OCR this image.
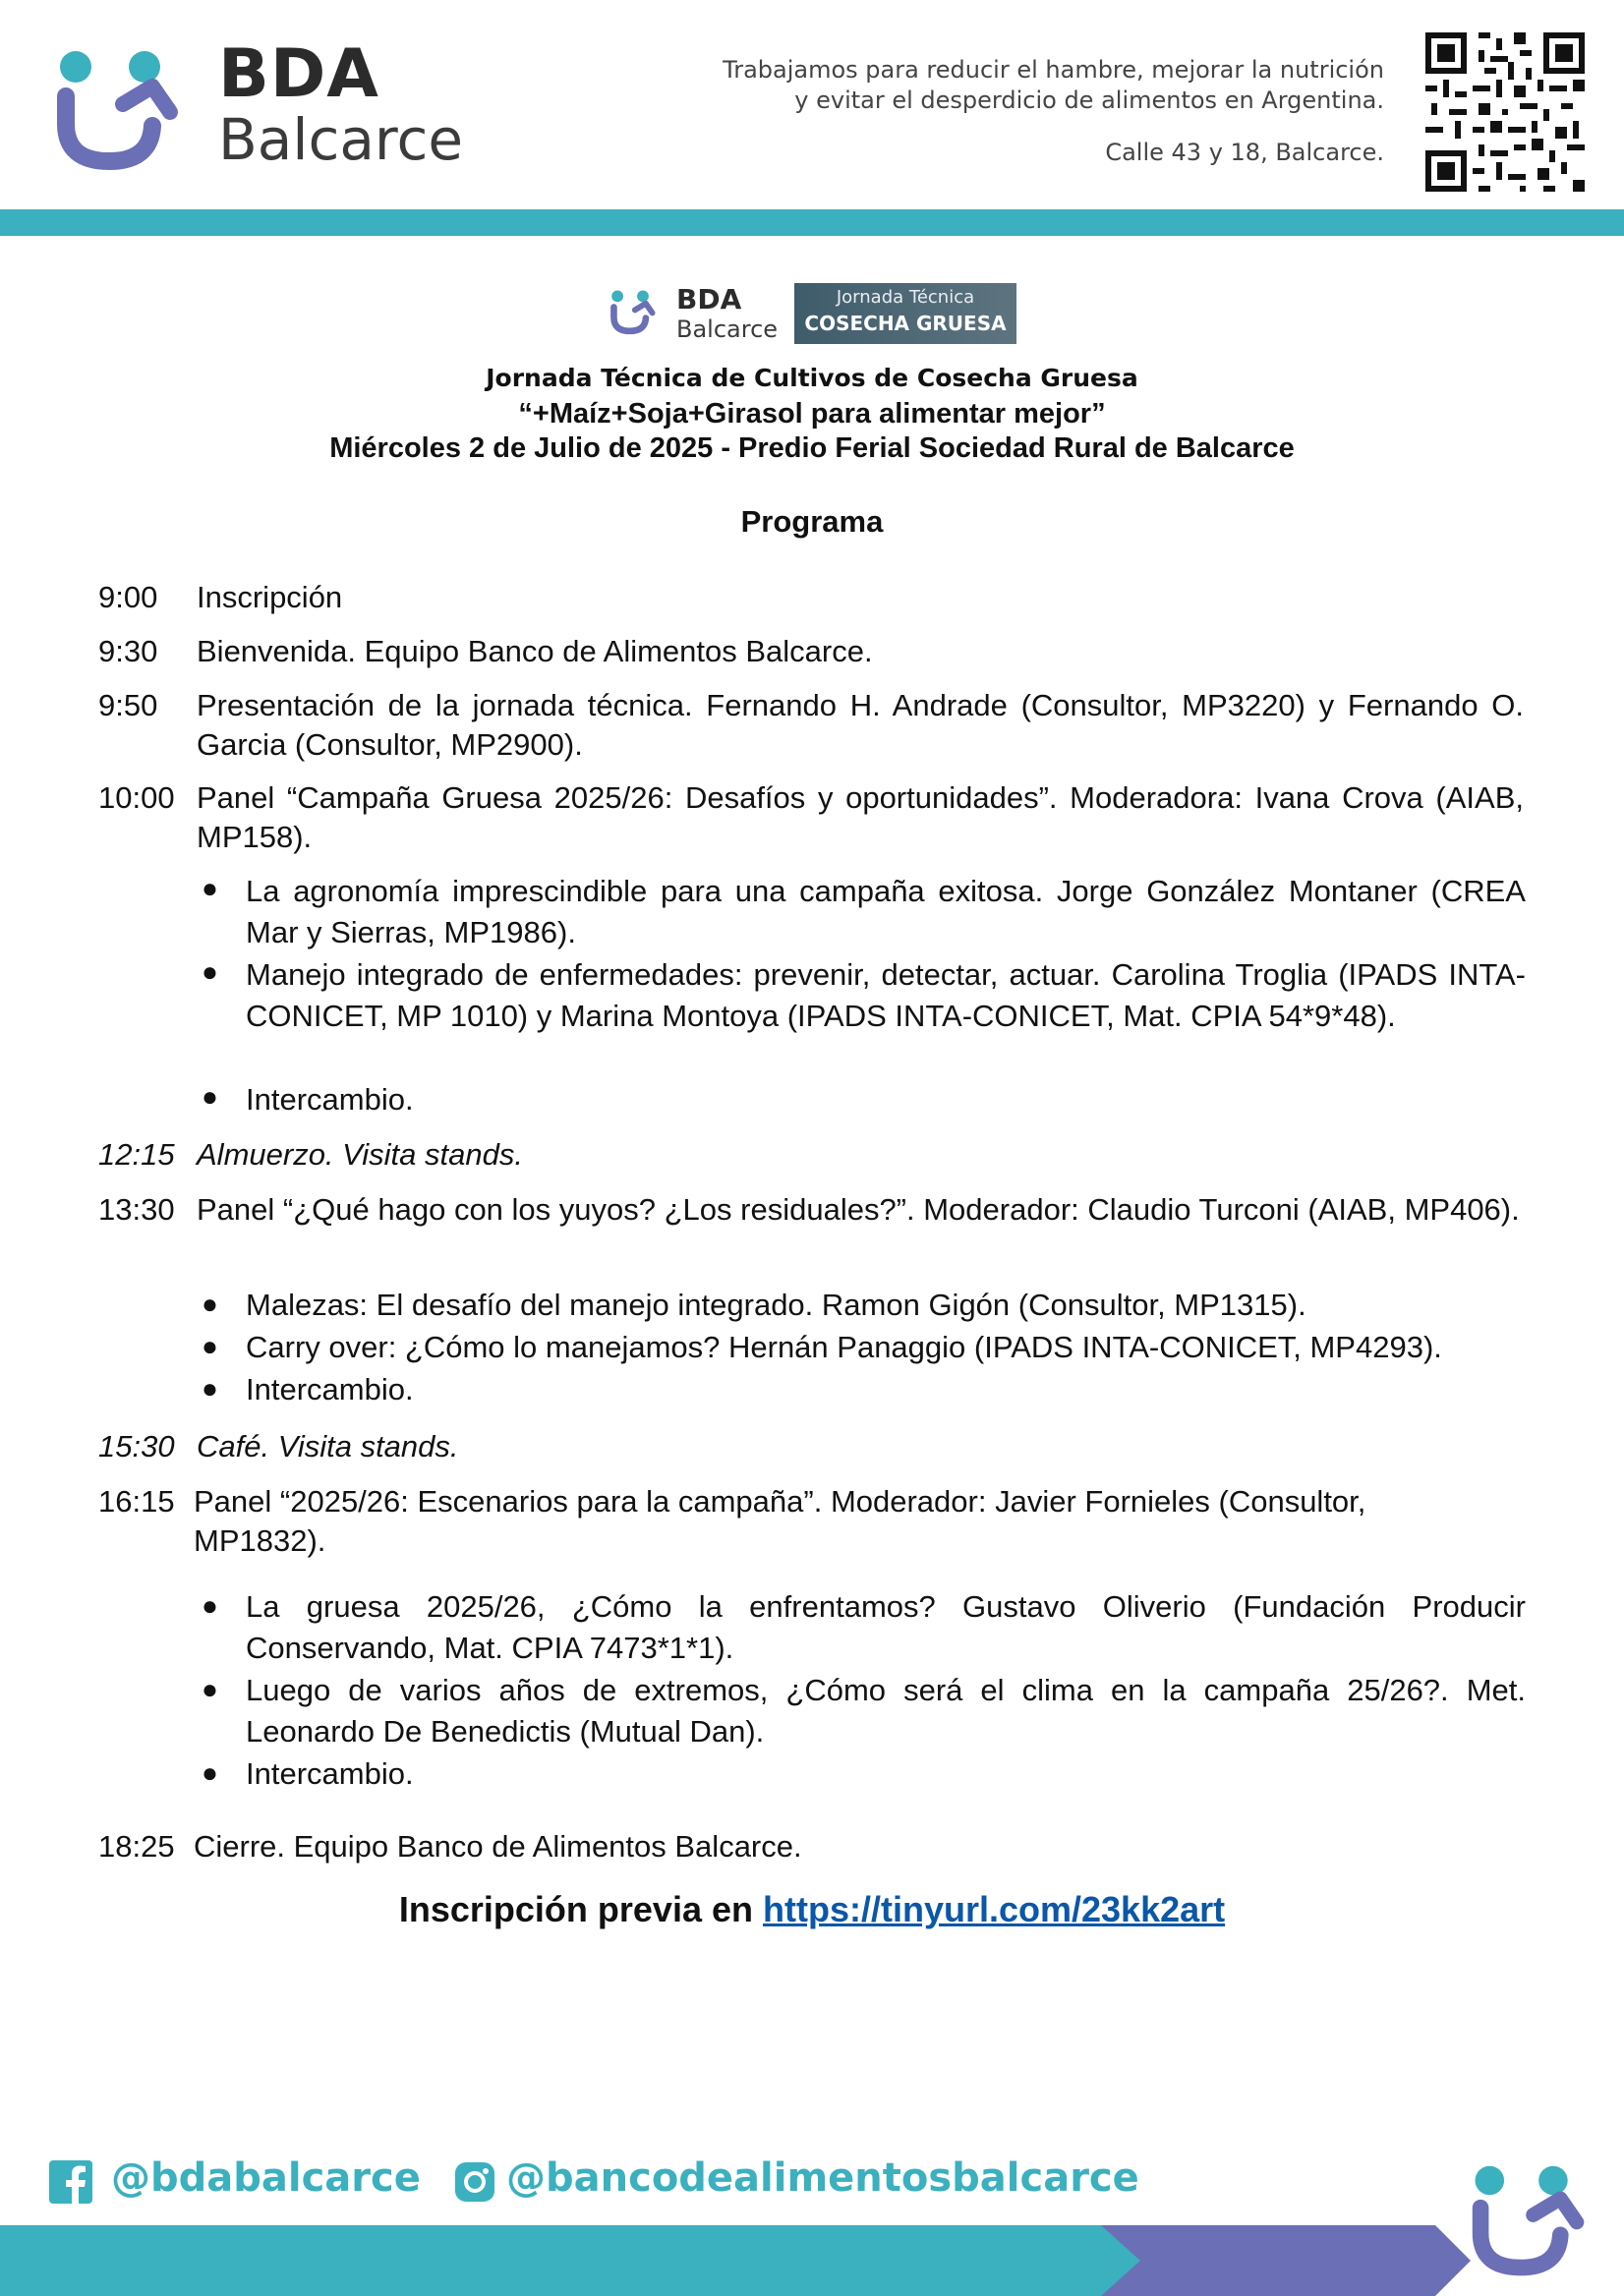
BDA
Balcarce
Trabajamos para reducir el hambre, mejorar la nutrición
y evitar el desperdicio de alimentos en Argentina.
Calle 43 y 18, Balcarce.
BDA
Balcarce
Jornada Técnica
COSECHA GRUESA
Jornada Técnica de Cultivos de Cosecha Gruesa
“+Maíz+Soja+Girasol para alimentar mejor”
Miércoles 2 de Julio de 2025 - Predio Ferial Sociedad Rural de Balcarce
Programa
9:00 Inscripción
9:30 Bienvenida. Equipo Banco de Alimentos Balcarce.
9:50 Presentación de la jornada técnica. Fernando H. Andrade (Consultor, MP3220) y Fernando O. Garcia (Consultor, MP2900).
10:00 Panel “Campaña Gruesa 2025/26: Desafíos y oportunidades”. Moderadora: Ivana Crova (AIAB, MP158).
● La agronomía imprescindible para una campaña exitosa. Jorge González Montaner (CREA Mar y Sierras, MP1986).
● Manejo integrado de enfermedades: prevenir, detectar, actuar. Carolina Troglia (IPADS INTA-CONICET, MP 1010) y Marina Montoya (IPADS INTA-CONICET, Mat. CPIA 54*9*48).
● Intercambio.
12:15 Almuerzo. Visita stands.
13:30 Panel “¿Qué hago con los yuyos? ¿Los residuales?”. Moderador: Claudio Turconi (AIAB, MP406).
● Malezas: El desafío del manejo integrado. Ramon Gigón (Consultor, MP1315).
● Carry over: ¿Cómo lo manejamos? Hernán Panaggio (IPADS INTA-CONICET, MP4293).
● Intercambio.
15:30 Café. Visita stands.
16:15 Panel “2025/26: Escenarios para la campaña”. Moderador: Javier Fornieles (Consultor, MP1832).
● La gruesa 2025/26, ¿Cómo la enfrentamos? Gustavo Oliverio (Fundación Producir Conservando, Mat. CPIA 7473*1*1).
● Luego de varios años de extremos, ¿Cómo será el clima en la campaña 25/26?. Met. Leonardo De Benedictis (Mutual Dan).
● Intercambio.
18:25 Cierre. Equipo Banco de Alimentos Balcarce.
Inscripción previa en https://tinyurl.com/23kk2art
@bdabalcarce @bancodealimentosbalcarce
